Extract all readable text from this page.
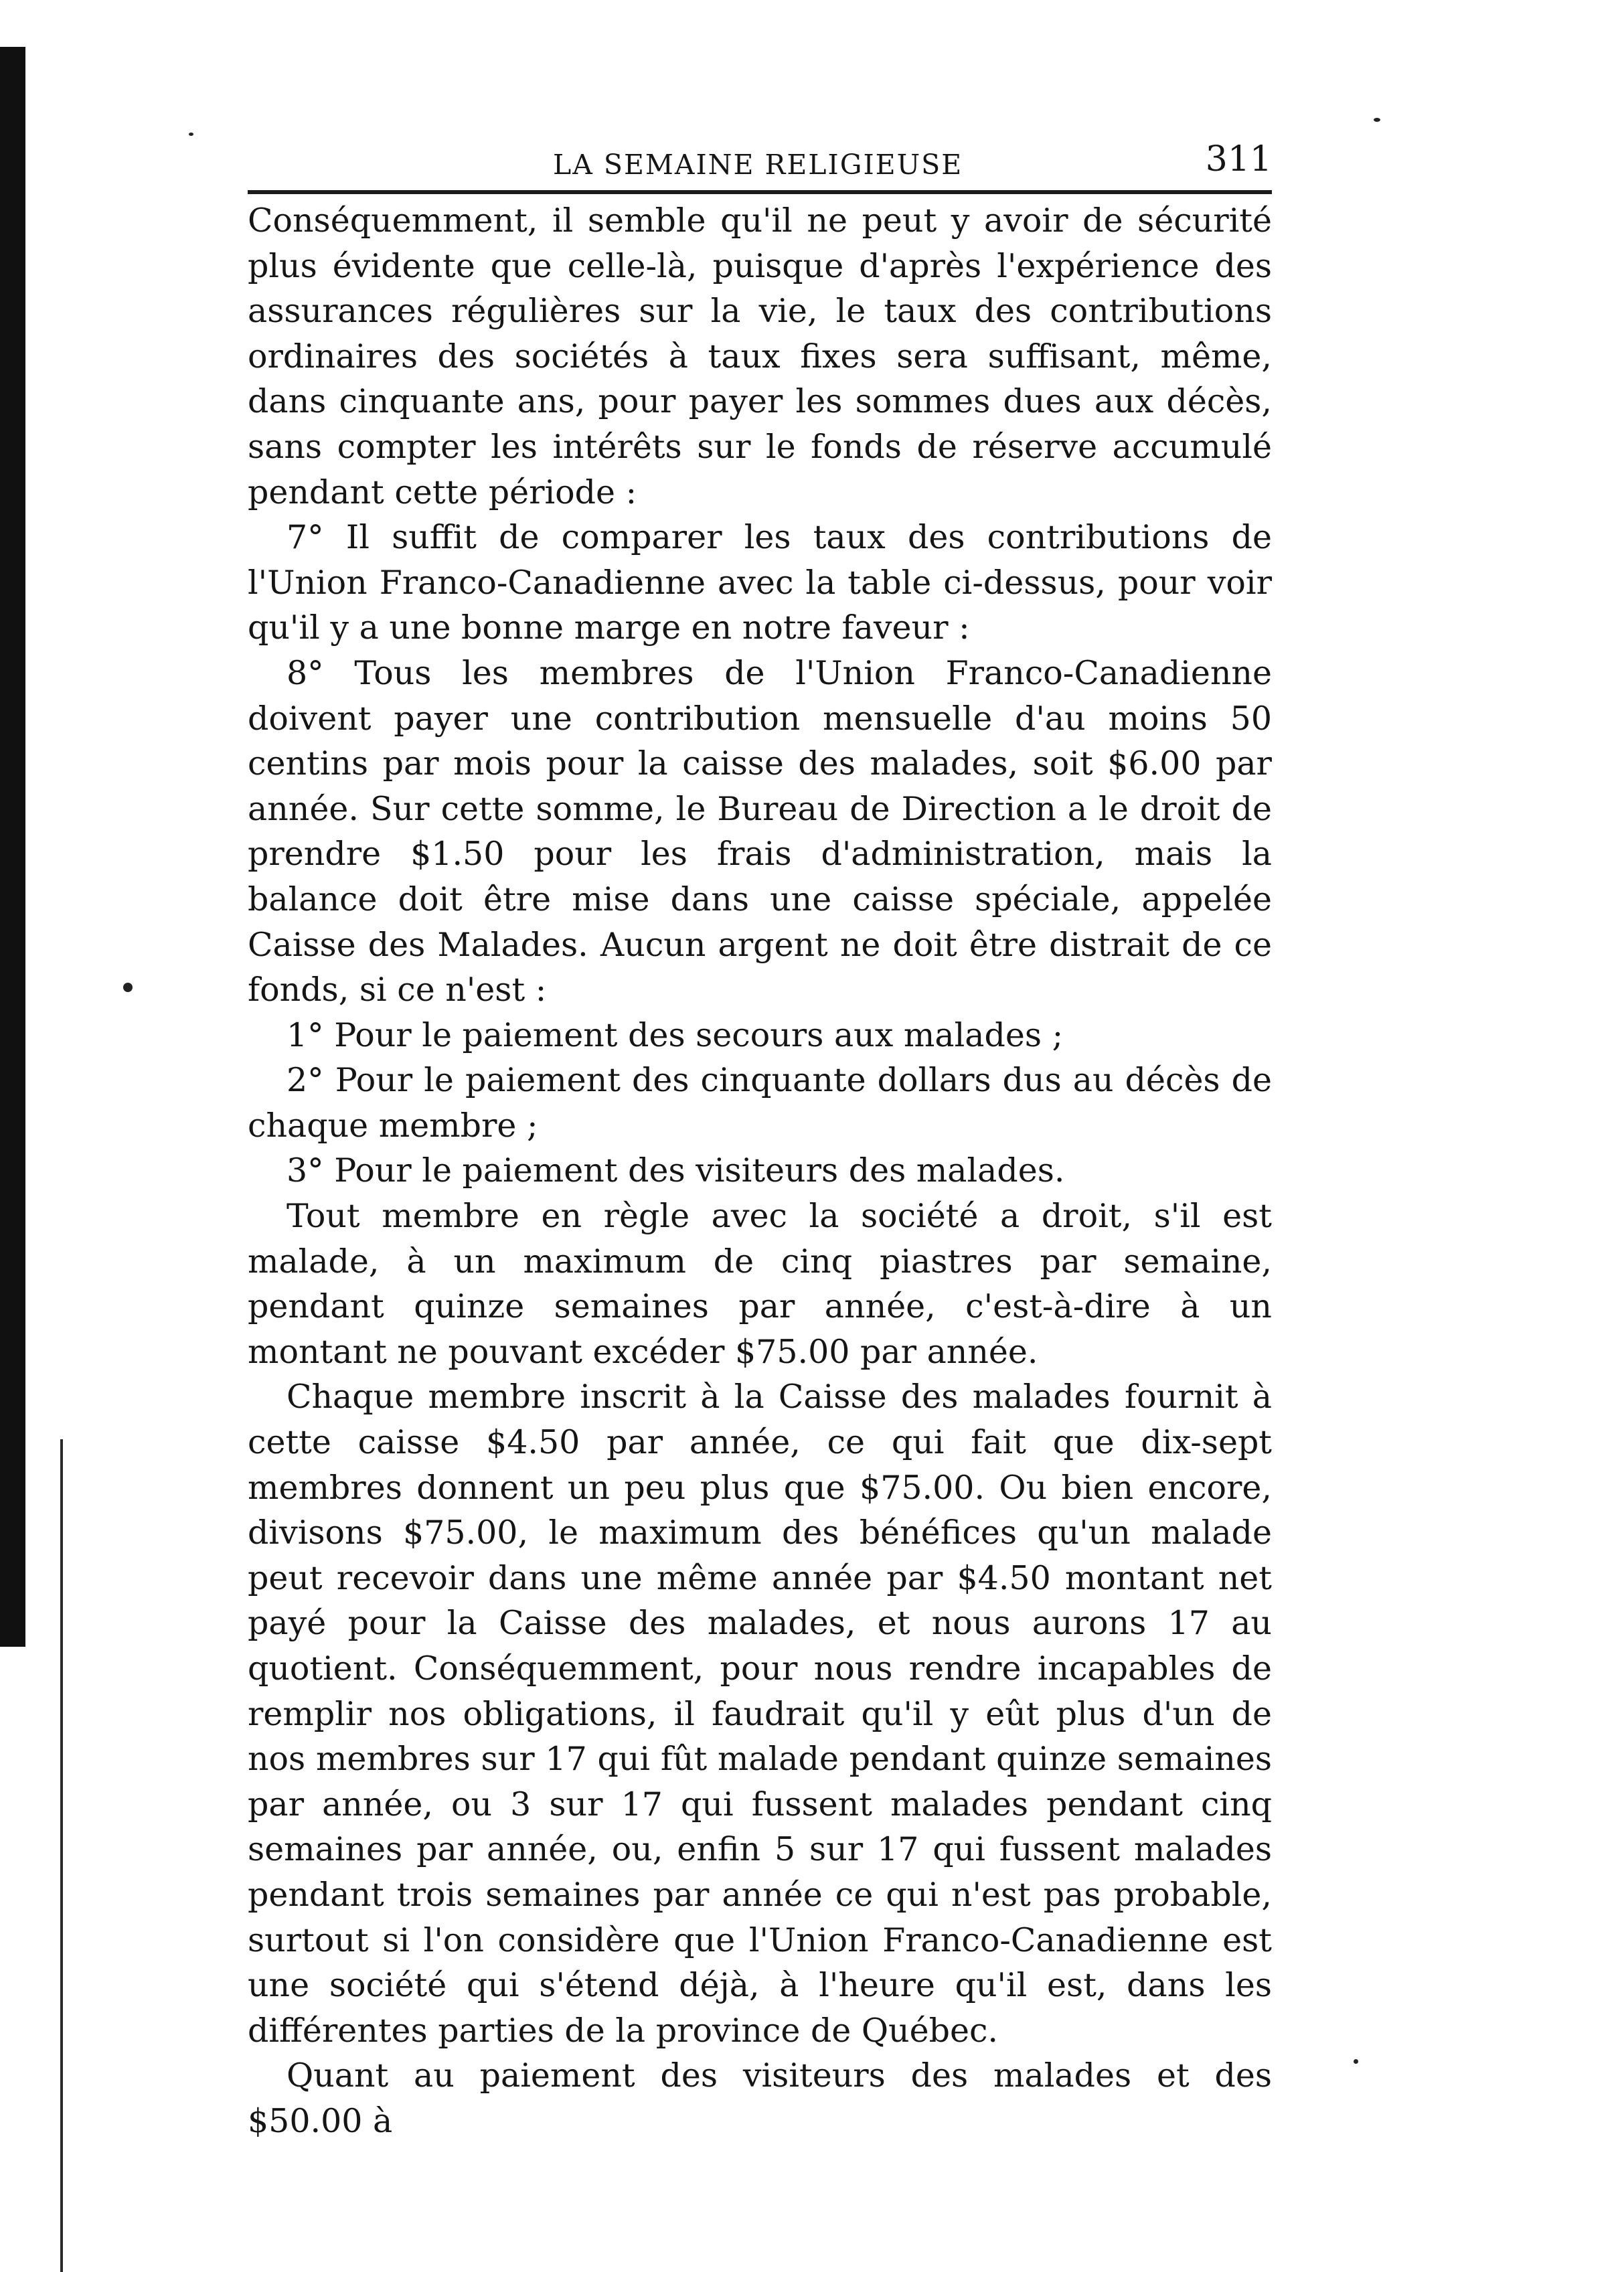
LA SEMAINE RELIGIEUSE	311

Conséquemment, il semble qu'il ne peut y avoir de sécurité plus évidente que celle-là, puisque d'après l'expérience des assurances régulières sur la vie, le taux des contributions ordinaires des sociétés à taux fixes sera suffisant, même, dans cinquante ans, pour payer les sommes dues aux décès, sans compter les intérêts sur le fonds de réserve accumulé pendant cette période :

7° Il suffit de comparer les taux des contributions de l'Union Franco-Canadienne avec la table ci-dessus, pour voir qu'il y a une bonne marge en notre faveur :

8° Tous les membres de l'Union Franco-Canadienne doivent payer une contribution mensuelle d'au moins 50 centins par mois pour la caisse des malades, soit $6.00 par année. Sur cette somme, le Bureau de Direction a le droit de prendre $1.50 pour les frais d'administration, mais la balance doit être mise dans une caisse spéciale, appelée Caisse des Malades. Aucun argent ne doit être distrait de ce fonds, si ce n'est :

1° Pour le paiement des secours aux malades ;

2° Pour le paiement des cinquante dollars dus au décès de chaque membre ;

3° Pour le paiement des visiteurs des malades.

Tout membre en règle avec la société a droit, s'il est malade, à un maximum de cinq piastres par semaine, pendant quinze semaines par année, c'est-à-dire à un montant ne pouvant excéder $75.00 par année.

Chaque membre inscrit à la Caisse des malades fournit à cette caisse $4.50 par année, ce qui fait que dix-sept membres donnent un peu plus que $75.00. Ou bien encore, divisons $75.00, le maximum des bénéfices qu'un malade peut recevoir dans une même année par $4.50 montant net payé pour la Caisse des malades, et nous aurons 17 au quotient. Conséquemment, pour nous rendre incapables de remplir nos obligations, il faudrait qu'il y eût plus d'un de nos membres sur 17 qui fût malade pendant quinze semaines par année, ou 3 sur 17 qui fussent malades pendant cinq semaines par année, ou, enfin 5 sur 17 qui fussent malades pendant trois semaines par année ce qui n'est pas probable, surtout si l'on considère que l'Union Franco-Canadienne est une société qui s'étend déjà, à l'heure qu'il est, dans les différentes parties de la province de Québec.

Quant au paiement des visiteurs des malades et des $50.00 à
